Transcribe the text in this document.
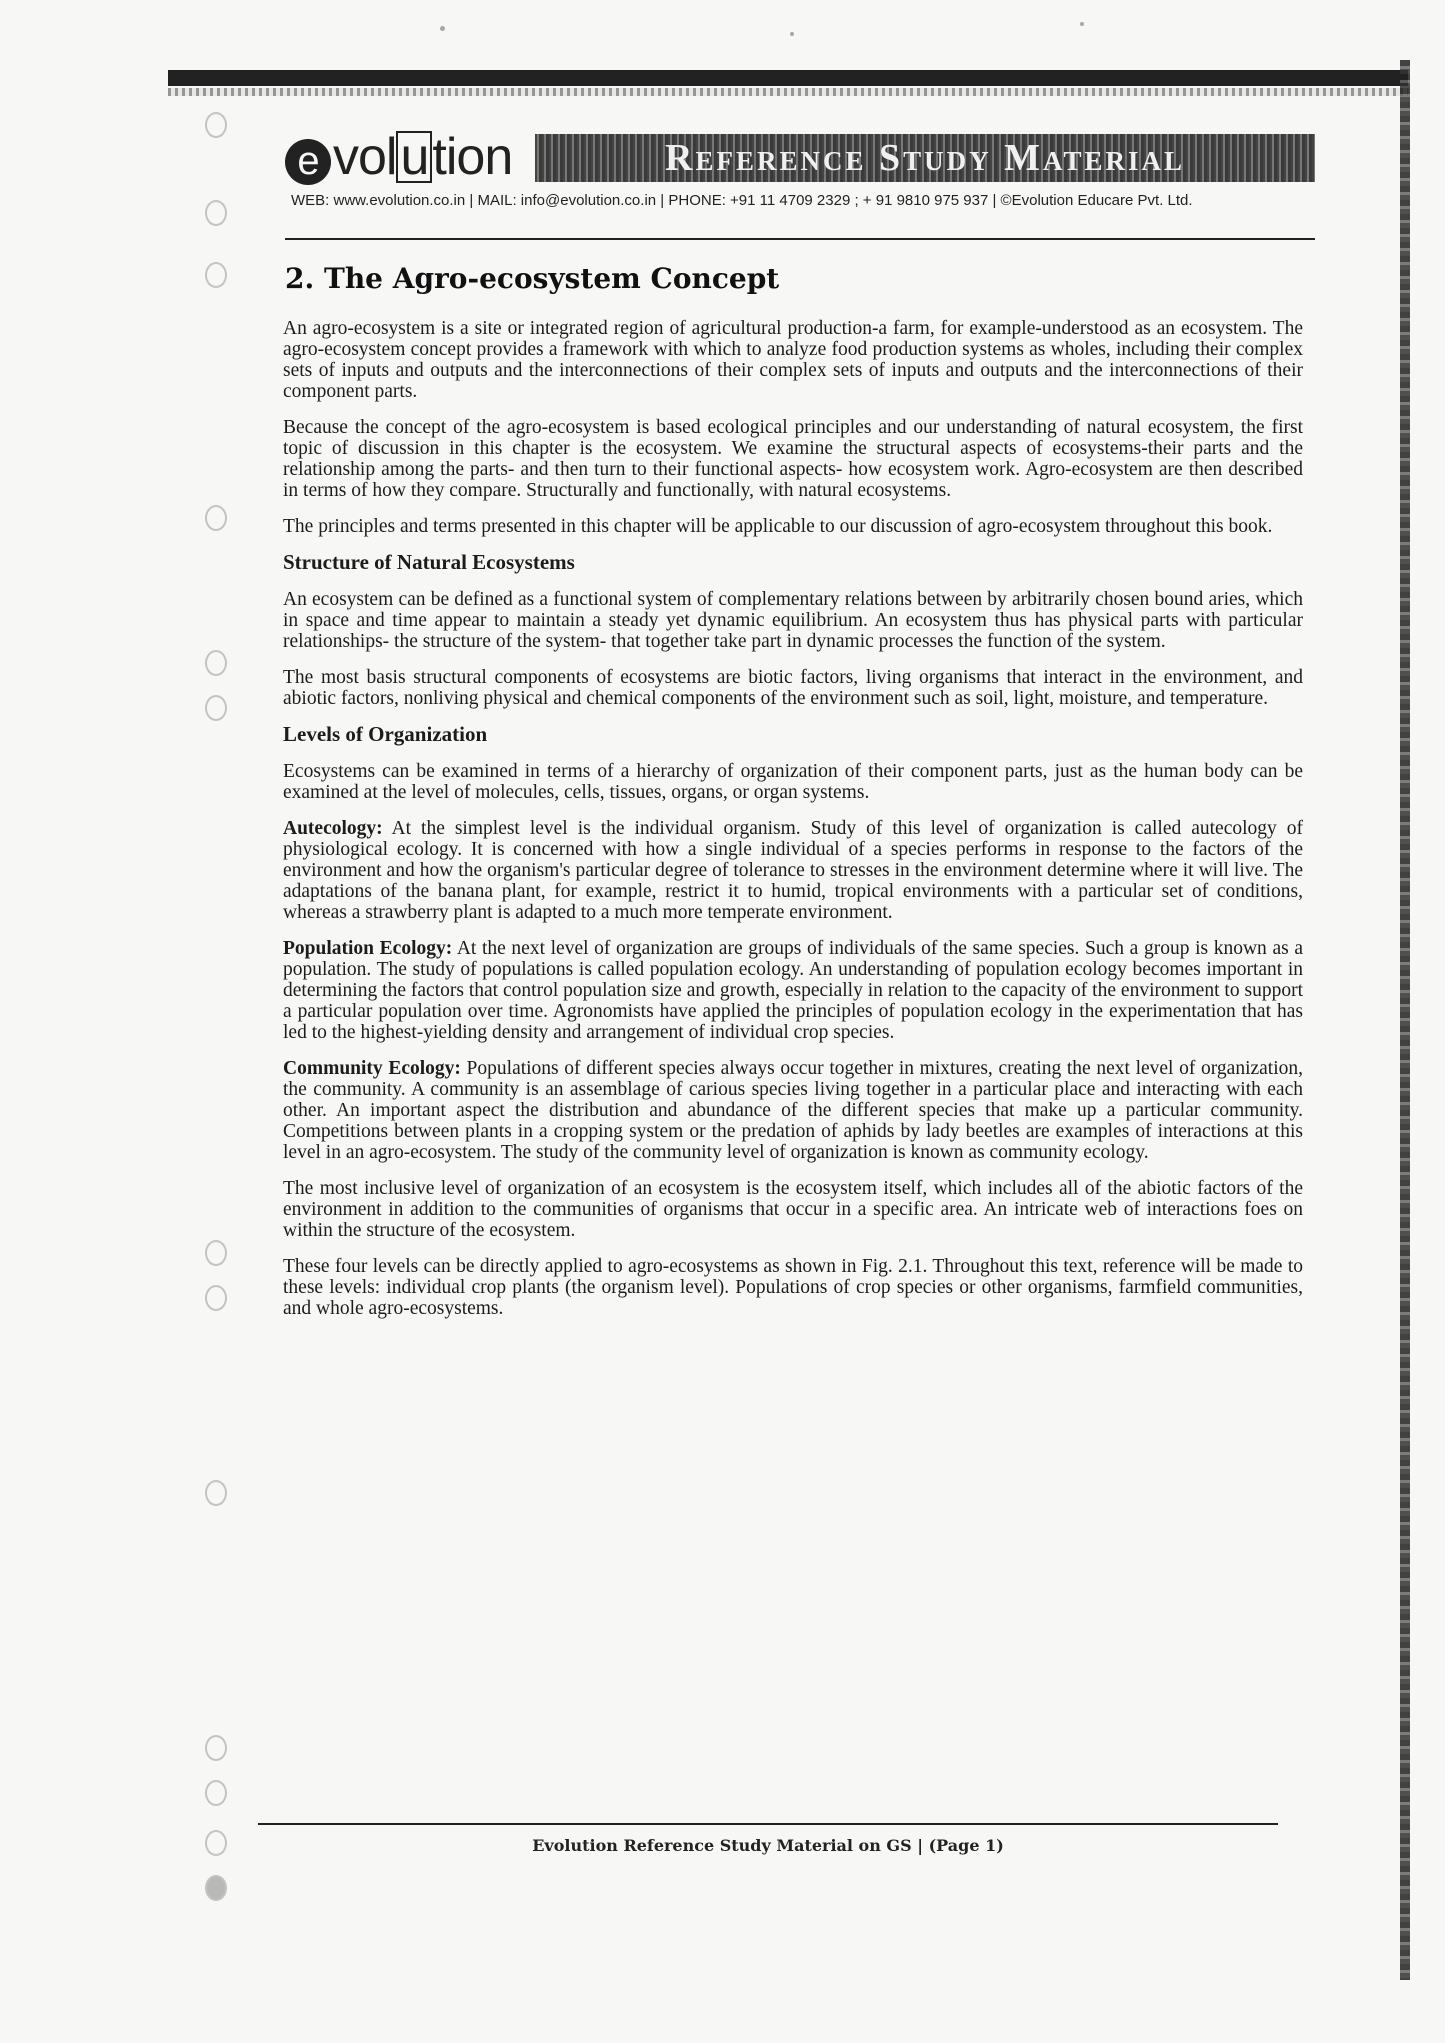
e volution	Reference Study Material
WEB: www.evolution.co.in | MAIL: info@evolution.co.in | PHONE: +91 11 4709 2329 ; + 91 9810 975 937 | ©Evolution Educare Pvt. Ltd.
2. The Agro-ecosystem Concept

An agro-ecosystem is a site or integrated region of agricultural production-a farm, for example-understood as an ecosystem. The agro-ecosystem concept provides a framework with which to analyze food production systems as wholes, including their complex sets of inputs and outputs and the interconnections of their complex sets of inputs and outputs and the interconnections of their component parts.

Because the concept of the agro-ecosystem is based ecological principles and our understanding of natural ecosystem, the first topic of discussion in this chapter is the ecosystem. We examine the structural aspects of ecosystems-their parts and the relationship among the parts- and then turn to their functional aspects- how ecosystem work. Agro-ecosystem are then described in terms of how they compare. Structurally and functionally, with natural ecosystems.

The principles and terms presented in this chapter will be applicable to our discussion of agro-ecosystem throughout this book.

Structure of Natural Ecosystems

An ecosystem can be defined as a functional system of complementary relations between by arbitrarily chosen bound aries, which in space and time appear to maintain a steady yet dynamic equilibrium. An ecosystem thus has physical parts with particular relationships- the structure of the system- that together take part in dynamic processes the function of the system.

The most basis structural components of ecosystems are biotic factors, living organisms that interact in the environment, and abiotic factors, nonliving physical and chemical components of the environment such as soil, light, moisture, and temperature.

Levels of Organization

Ecosystems can be examined in terms of a hierarchy of organization of their component parts, just as the human body can be examined at the level of molecules, cells, tissues, organs, or organ systems.

Autecology: At the simplest level is the individual organism. Study of this level of organization is called autecology of physiological ecology. It is concerned with how a single individual of a species performs in response to the factors of the environment and how the organism's particular degree of tolerance to stresses in the environment determine where it will live. The adaptations of the banana plant, for example, restrict it to humid, tropical environments with a particular set of conditions, whereas a strawberry plant is adapted to a much more temperate environment.

Population Ecology: At the next level of organization are groups of individuals of the same species. Such a group is known as a population. The study of populations is called population ecology. An understanding of population ecology becomes important in determining the factors that control population size and growth, especially in relation to the capacity of the environment to support a particular population over time. Agronomists have applied the principles of population ecology in the experimentation that has led to the highest-yielding density and arrangement of individual crop species.

Community Ecology: Populations of different species always occur together in mixtures, creating the next level of organization, the community. A community is an assemblage of carious species living together in a particular place and interacting with each other. An important aspect the distribution and abundance of the different species that make up a particular community. Competitions between plants in a cropping system or the predation of aphids by lady beetles are examples of interactions at this level in an agro-ecosystem. The study of the community level of organization is known as community ecology.

The most inclusive level of organization of an ecosystem is the ecosystem itself, which includes all of the abiotic factors of the environment in addition to the communities of organisms that occur in a specific area. An intricate web of interactions foes on within the structure of the ecosystem.

These four levels can be directly applied to agro-ecosystems as shown in Fig. 2.1. Throughout this text, reference will be made to these levels: individual crop plants (the organism level). Populations of crop species or other organisms, farmfield communities, and whole agro-ecosystems.

Evolution Reference Study Material on GS | (Page 1)
